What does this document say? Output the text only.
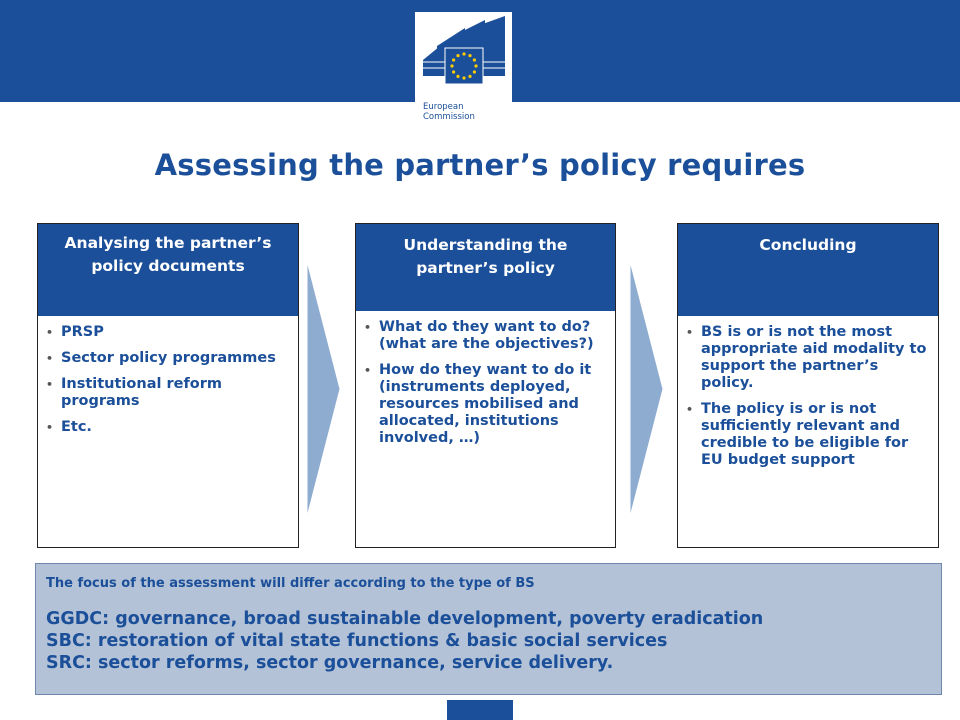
European
Commission
Assessing the partner’s policy requires
Analysing the partner’s policy documents
• PRSP
• Sector policy programmes
• Institutional reform programs
• Etc.
Understanding the partner’s policy
• What do they want to do? (what are the objectives?)
• How do they want to do it (instruments deployed, resources mobilised and allocated, institutions involved, …)
Concluding
• BS is or is not the most appropriate aid modality to support the partner’s policy.
• The policy is or is not sufficiently relevant and credible to be eligible for EU budget support
The focus of the assessment will differ according to the type of BS
GGDC: governance, broad sustainable development, poverty eradication
SBC: restoration of vital state functions & basic social services
SRC: sector reforms, sector governance, service delivery.
